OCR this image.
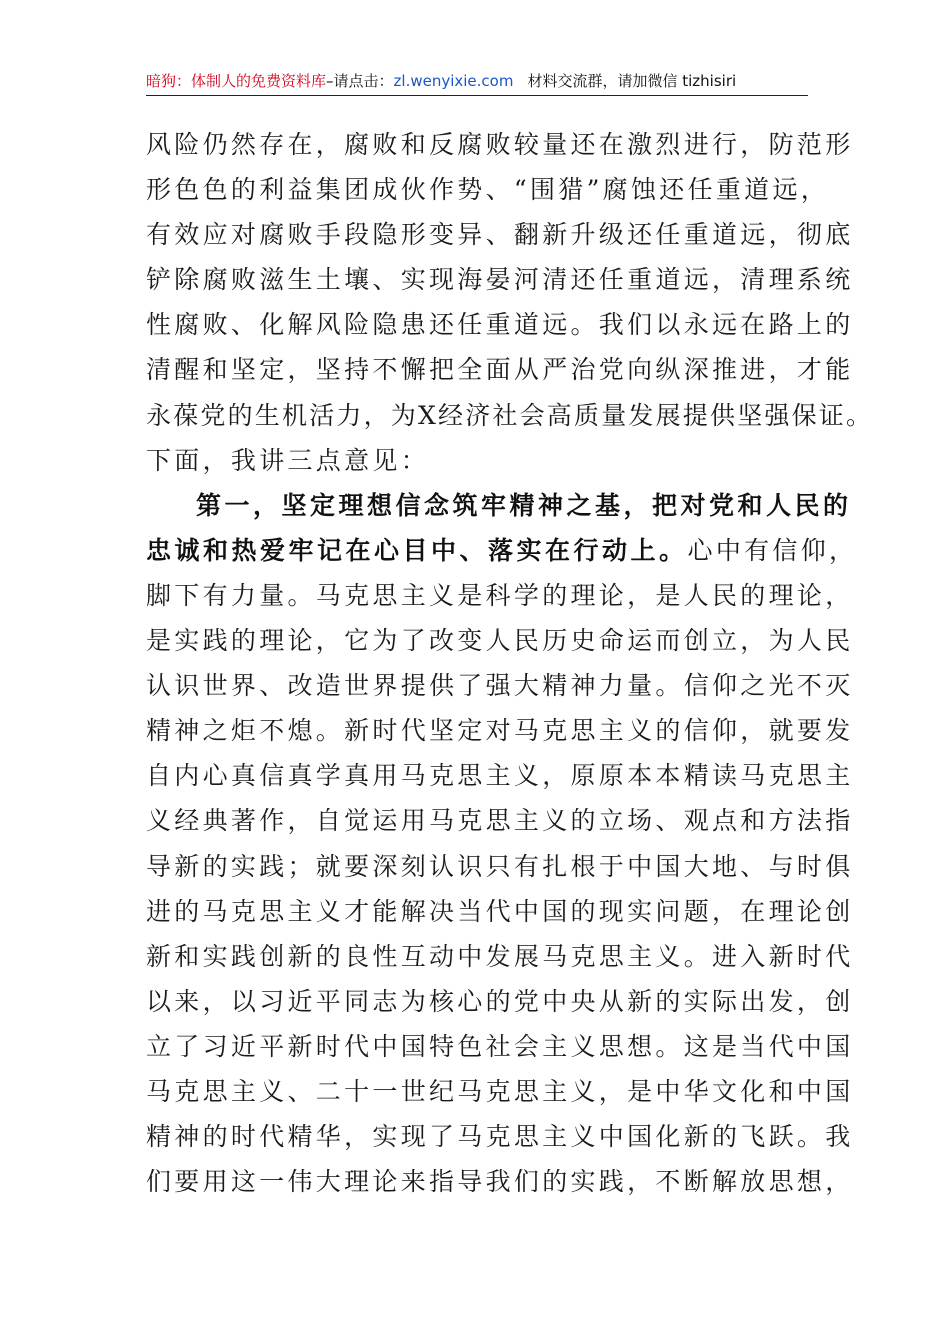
暗狗：体制人的免费资料库–请点击：zl.wenyixie.com 材料交流群，请加微信 tizhisiri
风险仍然存在，腐败和反腐败较量还在激烈进行，防范形
形色色的利益集团成伙作势、“围猎”腐蚀还任重道远，
有效应对腐败手段隐形变异、翻新升级还任重道远，彻底
铲除腐败滋生土壤、实现海晏河清还任重道远，清理系统
性腐败、化解风险隐患还任重道远。我们以永远在路上的
清醒和坚定，坚持不懈把全面从严治党向纵深推进，才能
永葆党的生机活力，为X经济社会高质量发展提供坚强保证。
下面，我讲三点意见：
第一，坚定理想信念筑牢精神之基，把对党和人民的
忠诚和热爱牢记在心目中、落实在行动上。心中有信仰，
脚下有力量。马克思主义是科学的理论，是人民的理论，
是实践的理论，它为了改变人民历史命运而创立，为人民
认识世界、改造世界提供了强大精神力量。信仰之光不灭
精神之炬不熄。新时代坚定对马克思主义的信仰，就要发
自内心真信真学真用马克思主义，原原本本精读马克思主
义经典著作，自觉运用马克思主义的立场、观点和方法指
导新的实践；就要深刻认识只有扎根于中国大地、与时俱
进的马克思主义才能解决当代中国的现实问题，在理论创
新和实践创新的良性互动中发展马克思主义。进入新时代
以来，以习近平同志为核心的党中央从新的实际出发，创
立了习近平新时代中国特色社会主义思想。这是当代中国
马克思主义、二十一世纪马克思主义，是中华文化和中国
精神的时代精华，实现了马克思主义中国化新的飞跃。我
们要用这一伟大理论来指导我们的实践，不断解放思想，
